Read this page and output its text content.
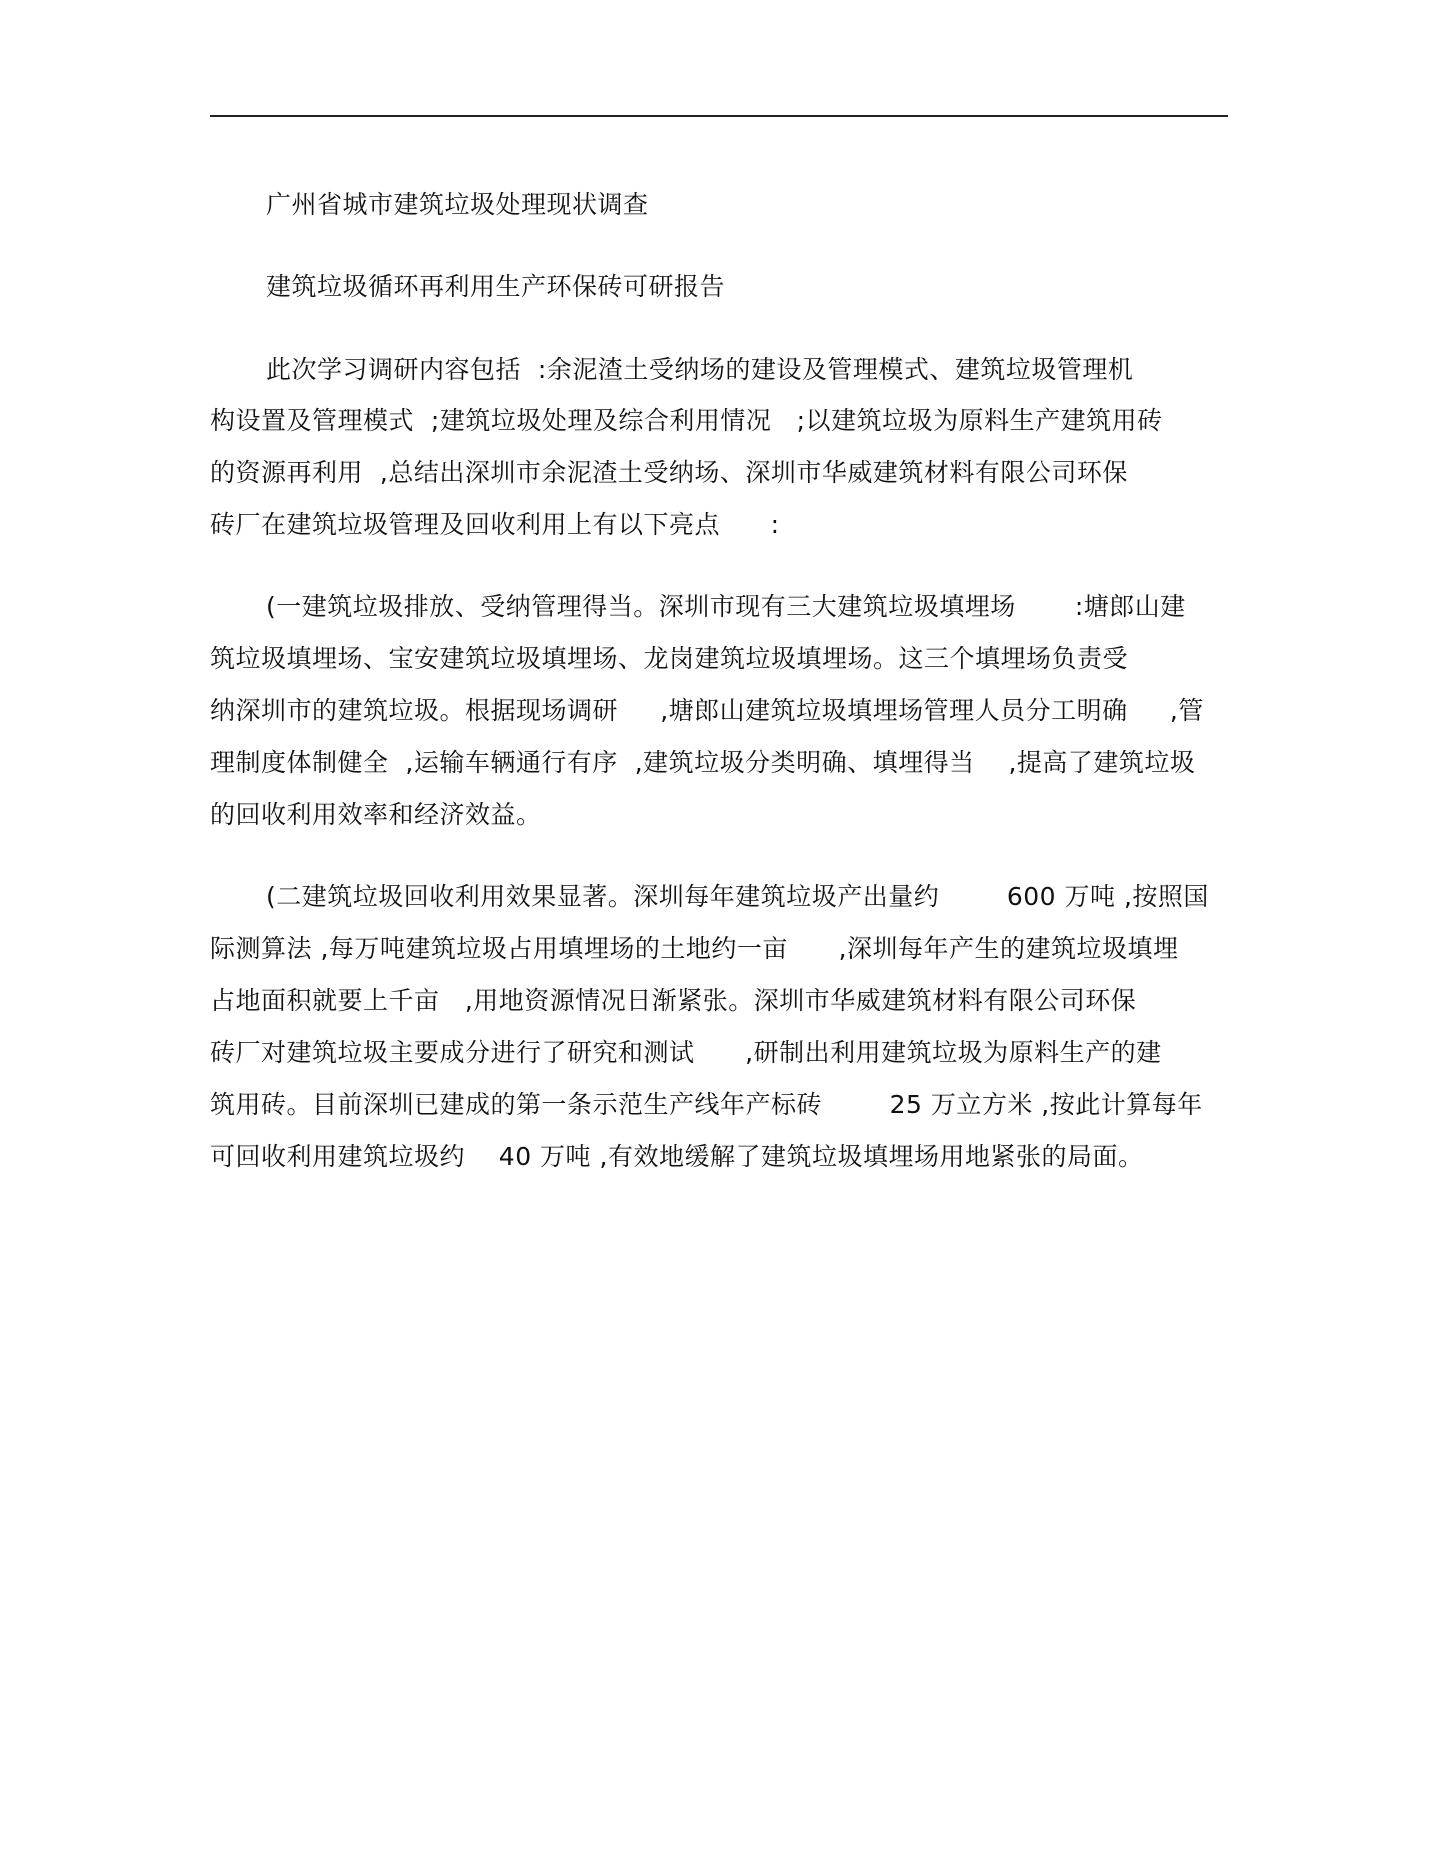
广州省城市建筑垃圾处理现状调查
建筑垃圾循环再利用生产环保砖可研报告
此次学习调研内容包括  :余泥渣土受纳场的建设及管理模式、建筑垃圾管理机
构设置及管理模式  ;建筑垃圾处理及综合利用情况   ;以建筑垃圾为原料生产建筑用砖
的资源再利用  ,总结出深圳市余泥渣土受纳场、深圳市华威建筑材料有限公司环保
砖厂在建筑垃圾管理及回收利用上有以下亮点      :
(一建筑垃圾排放、受纳管理得当。深圳市现有三大建筑垃圾填埋场       :塘郎山建
筑垃圾填埋场、宝安建筑垃圾填埋场、龙岗建筑垃圾填埋场。这三个填埋场负责受
纳深圳市的建筑垃圾。根据现场调研     ,塘郎山建筑垃圾填埋场管理人员分工明确     ,管
理制度体制健全  ,运输车辆通行有序  ,建筑垃圾分类明确、填埋得当    ,提高了建筑垃圾
的回收利用效率和经济效益。
(二建筑垃圾回收利用效果显著。深圳每年建筑垃圾产出量约        600 万吨 ,按照国
际测算法 ,每万吨建筑垃圾占用填埋场的土地约一亩      ,深圳每年产生的建筑垃圾填埋
占地面积就要上千亩   ,用地资源情况日渐紧张。深圳市华威建筑材料有限公司环保
砖厂对建筑垃圾主要成分进行了研究和测试      ,研制出利用建筑垃圾为原料生产的建
筑用砖。目前深圳已建成的第一条示范生产线年产标砖        25 万立方米 ,按此计算每年
可回收利用建筑垃圾约    40 万吨 ,有效地缓解了建筑垃圾填埋场用地紧张的局面。
